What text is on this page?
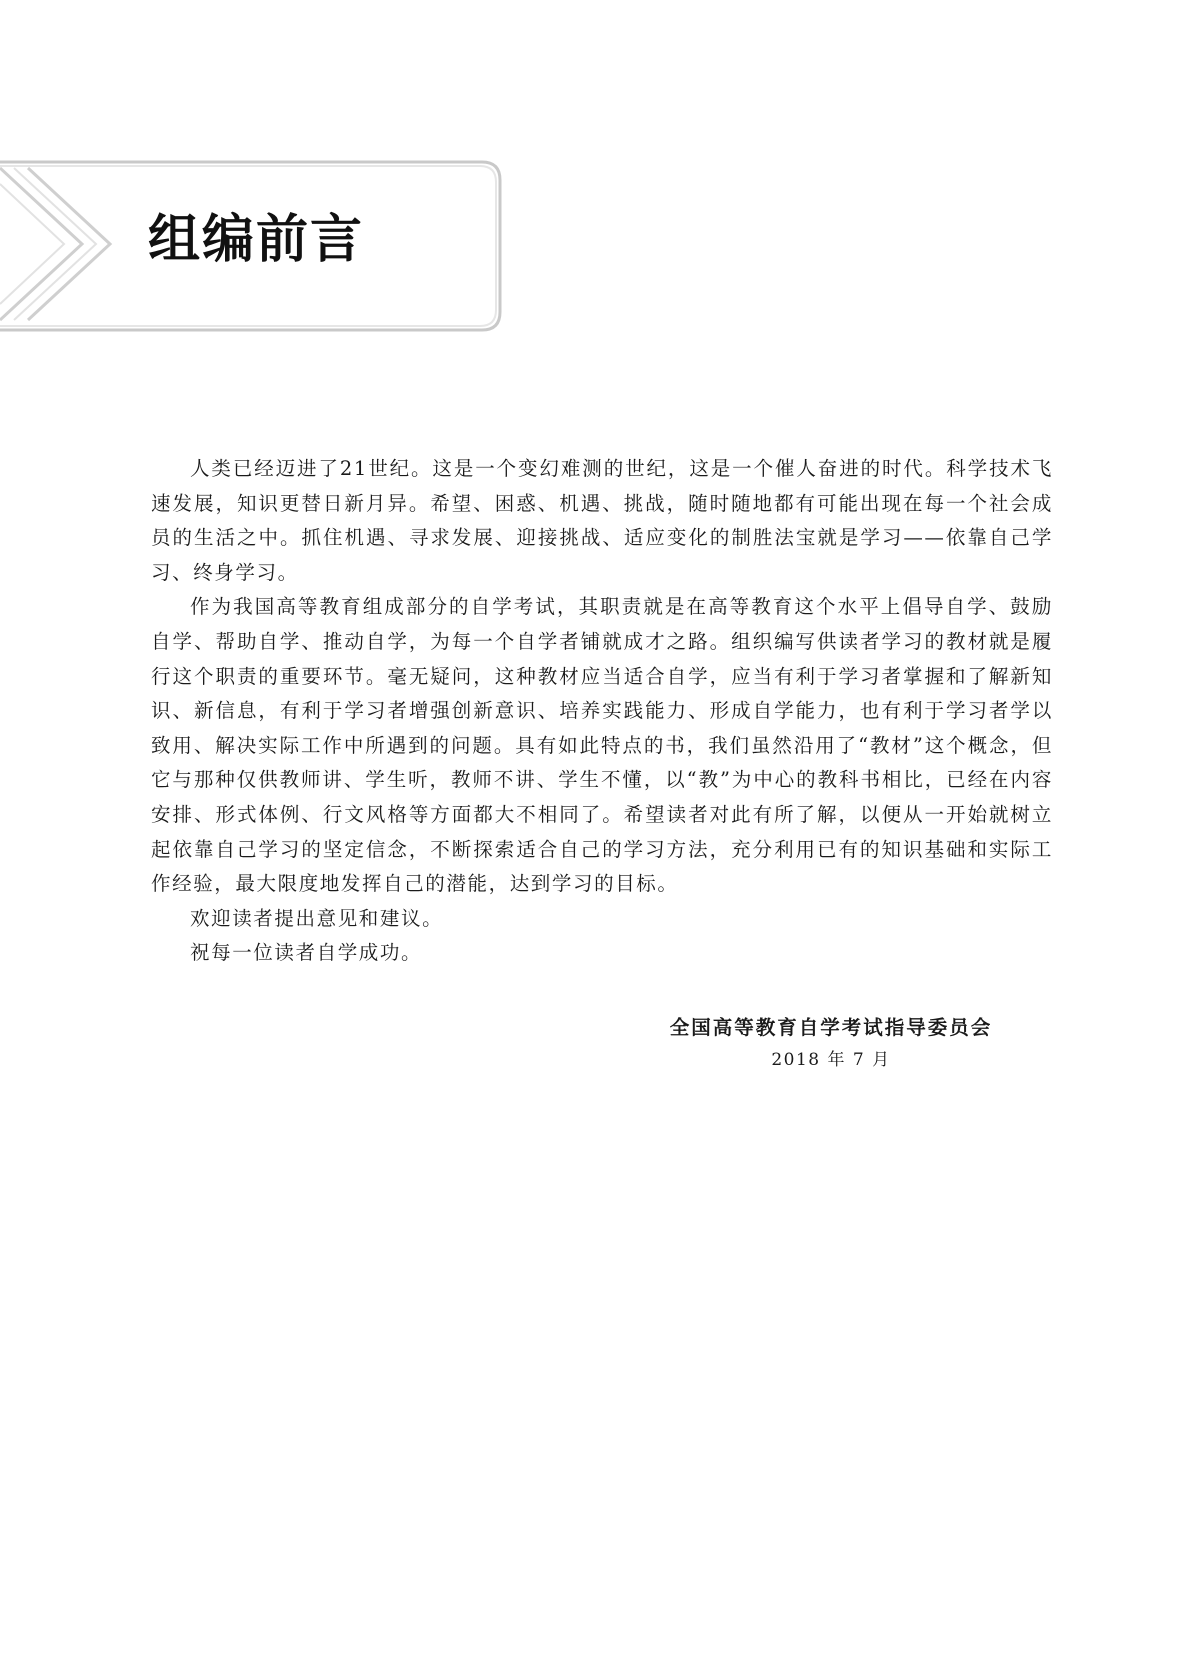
组编前言

人类已经迈进了21世纪。这是一个变幻难测的世纪，这是一个催人奋进的时代。科学技术飞速发展，知识更替日新月异。希望、困惑、机遇、挑战，随时随地都有可能出现在每一个社会成员的生活之中。抓住机遇、寻求发展、迎接挑战、适应变化的制胜法宝就是学习——依靠自己学习、终身学习。

作为我国高等教育组成部分的自学考试，其职责就是在高等教育这个水平上倡导自学、鼓励自学、帮助自学、推动自学，为每一个自学者铺就成才之路。组织编写供读者学习的教材就是履行这个职责的重要环节。毫无疑问，这种教材应当适合自学，应当有利于学习者掌握和了解新知识、新信息，有利于学习者增强创新意识、培养实践能力、形成自学能力，也有利于学习者学以致用、解决实际工作中所遇到的问题。具有如此特点的书，我们虽然沿用了“教材”这个概念，但它与那种仅供教师讲、学生听，教师不讲、学生不懂，以“教”为中心的教科书相比，已经在内容安排、形式体例、行文风格等方面都大不相同了。希望读者对此有所了解，以便从一开始就树立起依靠自己学习的坚定信念，不断探索适合自己的学习方法，充分利用已有的知识基础和实际工作经验，最大限度地发挥自己的潜能，达到学习的目标。

欢迎读者提出意见和建议。

祝每一位读者自学成功。

全国高等教育自学考试指导委员会
2018 年 7 月
